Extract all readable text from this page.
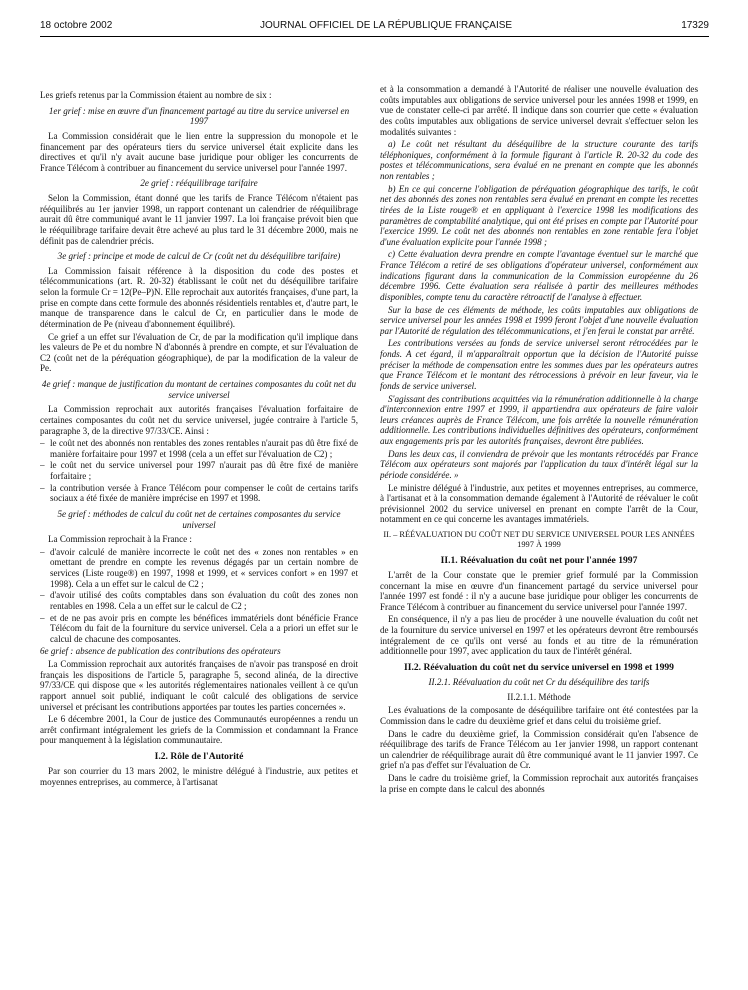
18 octobre 2002	JOURNAL OFFICIEL DE LA RÉPUBLIQUE FRANÇAISE	17329

Les griefs retenus par la Commission étaient au nombre de six :

1er grief : mise en œuvre d'un financement partagé au titre du service universel en 1997

La Commission considérait que le lien entre la suppression du monopole et le financement par des opérateurs tiers du service universel était explicite dans les directives et qu'il n'y avait aucune base juridique pour obliger les concurrents de France Télécom à contribuer au financement du service universel pour l'année 1997.

2e grief : rééquilibrage tarifaire

Selon la Commission, étant donné que les tarifs de France Télécom n'étaient pas rééquilibrés au 1er janvier 1998, un rapport contenant un calendrier de rééquilibrage aurait dû être communiqué avant le 11 janvier 1997. La loi française prévoit bien que le rééquilibrage tarifaire devait être achevé au plus tard le 31 décembre 2000, mais ne définit pas de calendrier précis.

3e grief : principe et mode de calcul de Cr (coût net du déséquilibre tarifaire)

La Commission faisait référence à la disposition du code des postes et télécommunications (art. R. 20-32) établissant le coût net du déséquilibre tarifaire selon la formule Cr = 12(Pe–P)N. Elle reprochait aux autorités françaises, d'une part, la prise en compte dans cette formule des abonnés résidentiels rentables et, d'autre part, le manque de transparence dans le calcul de Cr, en particulier dans le mode de détermination de Pe (niveau d'abonnement équilibré).

Ce grief a un effet sur l'évaluation de Cr, de par la modification qu'il implique dans les valeurs de Pe et du nombre N d'abonnés à prendre en compte, et sur l'évaluation de C2 (coût net de la péréquation géographique), de par la modification de la valeur de Pe.

4e grief : manque de justification du montant de certaines composantes du coût net du service universel

La Commission reprochait aux autorités françaises l'évaluation forfaitaire de certaines composantes du coût net du service universel, jugée contraire à l'article 5, paragraphe 3, de la directive 97/33/CE. Ainsi :

– le coût net des abonnés non rentables des zones rentables n'aurait pas dû être fixé de manière forfaitaire pour 1997 et 1998 (cela a un effet sur l'évaluation de C2) ;
– le coût net du service universel pour 1997 n'aurait pas dû être fixé de manière forfaitaire ;
– la contribution versée à France Télécom pour compenser le coût de certains tarifs sociaux a été fixée de manière imprécise en 1997 et 1998.

5e grief : méthodes de calcul du coût net de certaines composantes du service universel

La Commission reprochait à la France :

– d'avoir calculé de manière incorrecte le coût net des « zones non rentables » en omettant de prendre en compte les revenus dégagés par un certain nombre de services (Liste rouge®) en 1997, 1998 et 1999, et « services confort » en 1997 et 1998). Cela a un effet sur le calcul de C2 ;
– d'avoir utilisé des coûts comptables dans son évaluation du coût des zones non rentables en 1998. Cela a un effet sur le calcul de C2 ;
– et de ne pas avoir pris en compte les bénéfices immatériels dont bénéficie France Télécom du fait de la fourniture du service universel. Cela a a priori un effet sur le calcul de chacune des composantes.

6e grief : absence de publication des contributions des opérateurs

La Commission reprochait aux autorités françaises de n'avoir pas transposé en droit français les dispositions de l'article 5, paragraphe 5, second alinéa, de la directive 97/33/CE qui dispose que « les autorités réglementaires nationales veillent à ce qu'un rapport annuel soit publié, indiquant le coût calculé des obligations de service universel et précisant les contributions apportées par toutes les parties concernées ».

Le 6 décembre 2001, la Cour de justice des Communautés européennes a rendu un arrêt confirmant intégralement les griefs de la Commission et condamnant la France pour manquement à la législation communautaire.

I.2. Rôle de l'Autorité

Par son courrier du 13 mars 2002, le ministre délégué à l'industrie, aux petites et moyennes entreprises, au commerce, à l'artisanat

et à la consommation a demandé à l'Autorité de réaliser une nouvelle évaluation des coûts imputables aux obligations de service universel pour les années 1998 et 1999, en vue de constater celle-ci par arrêté. Il indique dans son courrier que cette « évaluation des coûts imputables aux obligations de service universel devrait s'effectuer selon les modalités suivantes :

a) Le coût net résultant du déséquilibre de la structure courante des tarifs téléphoniques, conformément à la formule figurant à l'article R. 20-32 du code des postes et télécommunications, sera évalué en ne prenant en compte que les abonnés non rentables ;

b) En ce qui concerne l'obligation de péréquation géographique des tarifs, le coût net des abonnés des zones non rentables sera évalué en prenant en compte les recettes tirées de la Liste rouge® et en appliquant à l'exercice 1998 les modifications des paramètres de comptabilité analytique, qui ont été prises en compte par l'Autorité pour l'exercice 1999. Le coût net des abonnés non rentables en zone rentable fera l'objet d'une évaluation explicite pour l'année 1998 ;

c) Cette évaluation devra prendre en compte l'avantage éventuel sur le marché que France Télécom a retiré de ses obligations d'opérateur universel, conformément aux indications figurant dans la communication de la Commission européenne du 26 décembre 1996. Cette évaluation sera réalisée à partir des meilleures méthodes disponibles, compte tenu du caractère rétroactif de l'analyse à effectuer.

Sur la base de ces éléments de méthode, les coûts imputables aux obligations de service universel pour les années 1998 et 1999 feront l'objet d'une nouvelle évaluation par l'Autorité de régulation des télécommunications, et j'en ferai le constat par arrêté.

Les contributions versées au fonds de service universel seront rétrocédées par le fonds. A cet égard, il m'apparaîtrait opportun que la décision de l'Autorité puisse préciser la méthode de compensation entre les sommes dues par les opérateurs autres que France Télécom et le montant des rétrocessions à prévoir en leur faveur, via le fonds de service universel.

S'agissant des contributions acquittées via la rémunération additionnelle à la charge d'interconnexion entre 1997 et 1999, il appartiendra aux opérateurs de faire valoir leurs créances auprès de France Télécom, une fois arrêtée la nouvelle rémunération additionnelle. Les contributions individuelles définitives des opérateurs, conformément aux engagements pris par les autorités françaises, devront être publiées.

Dans les deux cas, il conviendra de prévoir que les montants rétrocédés par France Télécom aux opérateurs sont majorés par l'application du taux d'intérêt légal sur la période considérée. »

Le ministre délégué à l'industrie, aux petites et moyennes entreprises, au commerce, à l'artisanat et à la consommation demande également à l'Autorité de réévaluer le coût prévisionnel 2002 du service universel en prenant en compte l'arrêt de la Cour, notamment en ce qui concerne les avantages immatériels.

II. – RÉÉVALUATION DU COÛT NET DU SERVICE UNIVERSEL POUR LES ANNÉES 1997 À 1999
II.1. Réévaluation du coût net pour l'année 1997

L'arrêt de la Cour constate que le premier grief formulé par la Commission concernant la mise en œuvre d'un financement partagé du service universel pour l'année 1997 est fondé : il n'y a aucune base juridique pour obliger les concurrents de France Télécom à contribuer au financement du service universel pour l'année 1997.

En conséquence, il n'y a pas lieu de procéder à une nouvelle évaluation du coût net de la fourniture du service universel en 1997 et les opérateurs devront être remboursés intégralement de ce qu'ils ont versé au fonds et au titre de la rémunération additionnelle pour 1997, avec application du taux de l'intérêt général.

II.2. Réévaluation du coût net du service universel en 1998 et 1999
II.2.1. Réévaluation du coût net Cr du déséquilibre des tarifs
II.2.1.1. Méthode

Les évaluations de la composante de déséquilibre tarifaire ont été contestées par la Commission dans le cadre du deuxième grief et dans celui du troisième grief.

Dans le cadre du deuxième grief, la Commission considérait qu'en l'absence de rééquilibrage des tarifs de France Télécom au 1er janvier 1998, un rapport contenant un calendrier de rééquilibrage aurait dû être communiqué avant le 11 janvier 1997. Ce grief n'a pas d'effet sur l'évaluation de Cr.

Dans le cadre du troisième grief, la Commission reprochait aux autorités françaises la prise en compte dans le calcul des abonnés
